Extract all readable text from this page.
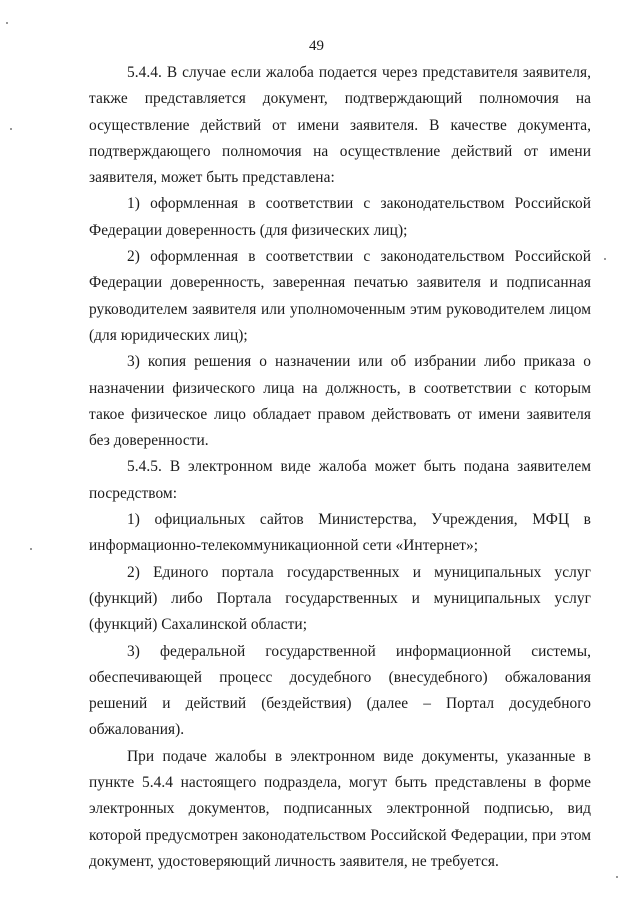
49

5.4.4. В случае если жалоба подается через представителя заявителя, также представляется документ, подтверждающий полномочия на осуществление действий от имени заявителя. В качестве документа, подтверждающего полномочия на осуществление действий от имени заявителя, может быть представлена:

1) оформленная в соответствии с законодательством Российской Федерации доверенность (для физических лиц);

2) оформленная в соответствии с законодательством Российской Федерации доверенность, заверенная печатью заявителя и подписанная руководителем заявителя или уполномоченным этим руководителем лицом (для юридических лиц);

3) копия решения о назначении или об избрании либо приказа о назначении физического лица на должность, в соответствии с которым такое физическое лицо обладает правом действовать от имени заявителя без доверенности.

5.4.5. В электронном виде жалоба может быть подана заявителем посредством:

1) официальных сайтов Министерства, Учреждения, МФЦ в информационно-телекоммуникационной сети «Интернет»;

2) Единого портала государственных и муниципальных услуг (функций) либо Портала государственных и муниципальных услуг (функций) Сахалинской области;

3) федеральной государственной информационной системы, обеспечивающей процесс досудебного (внесудебного) обжалования решений и действий (бездействия) (далее – Портал досудебного обжалования).

При подаче жалобы в электронном виде документы, указанные в пункте 5.4.4 настоящего подраздела, могут быть представлены в форме электронных документов, подписанных электронной подписью, вид которой предусмотрен законодательством Российской Федерации, при этом документ, удостоверяющий личность заявителя, не требуется.
